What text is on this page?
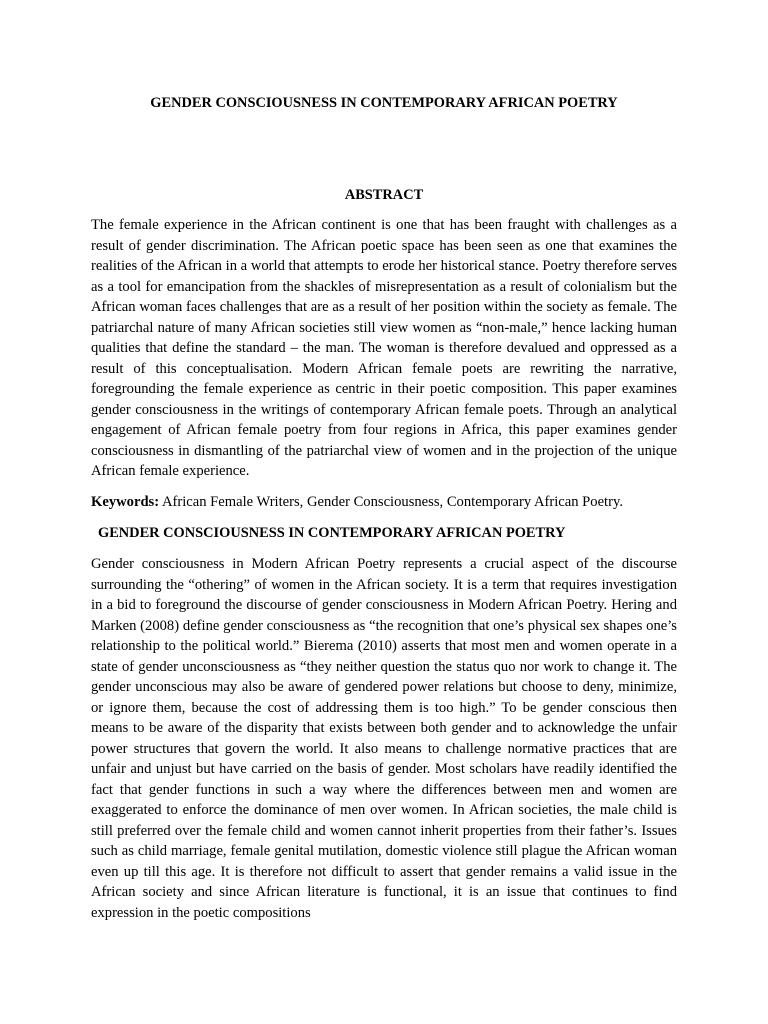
GENDER CONSCIOUSNESS IN CONTEMPORARY AFRICAN POETRY
ABSTRACT

The female experience in the African continent is one that has been fraught with challenges as a result of gender discrimination. The African poetic space has been seen as one that examines the realities of the African in a world that attempts to erode her historical stance. Poetry therefore serves as a tool for emancipation from the shackles of misrepresentation as a result of colonialism but the African woman faces challenges that are as a result of her position within the society as female. The patriarchal nature of many African societies still view women as “non-male,” hence lacking human qualities that define the standard – the man. The woman is therefore devalued and oppressed as a result of this conceptualisation. Modern African female poets are rewriting the narrative, foregrounding the female experience as centric in their poetic composition. This paper examines gender consciousness in the writings of contemporary African female poets. Through an analytical engagement of African female poetry from four regions in Africa, this paper examines gender consciousness in dismantling of the patriarchal view of women and in the projection of the unique African female experience.

Keywords: African Female Writers, Gender Consciousness, Contemporary African Poetry.

GENDER CONSCIOUSNESS IN CONTEMPORARY AFRICAN POETRY

Gender consciousness in Modern African Poetry represents a crucial aspect of the discourse surrounding the “othering” of women in the African society. It is a term that requires investigation in a bid to foreground the discourse of gender consciousness in Modern African Poetry. Hering and Marken (2008) define gender consciousness as “the recognition that one’s physical sex shapes one’s relationship to the political world.” Bierema (2010) asserts that most men and women operate in a state of gender unconsciousness as “they neither question the status quo nor work to change it. The gender unconscious may also be aware of gendered power relations but choose to deny, minimize, or ignore them, because the cost of addressing them is too high.” To be gender conscious then means to be aware of the disparity that exists between both gender and to acknowledge the unfair power structures that govern the world. It also means to challenge normative practices that are unfair and unjust but have carried on the basis of gender. Most scholars have readily identified the fact that gender functions in such a way where the differences between men and women are exaggerated to enforce the dominance of men over women. In African societies, the male child is still preferred over the female child and women cannot inherit properties from their father’s. Issues such as child marriage, female genital mutilation, domestic violence still plague the African woman even up till this age. It is therefore not difficult to assert that gender remains a valid issue in the African society and since African literature is functional, it is an issue that continues to find expression in the poetic compositions
